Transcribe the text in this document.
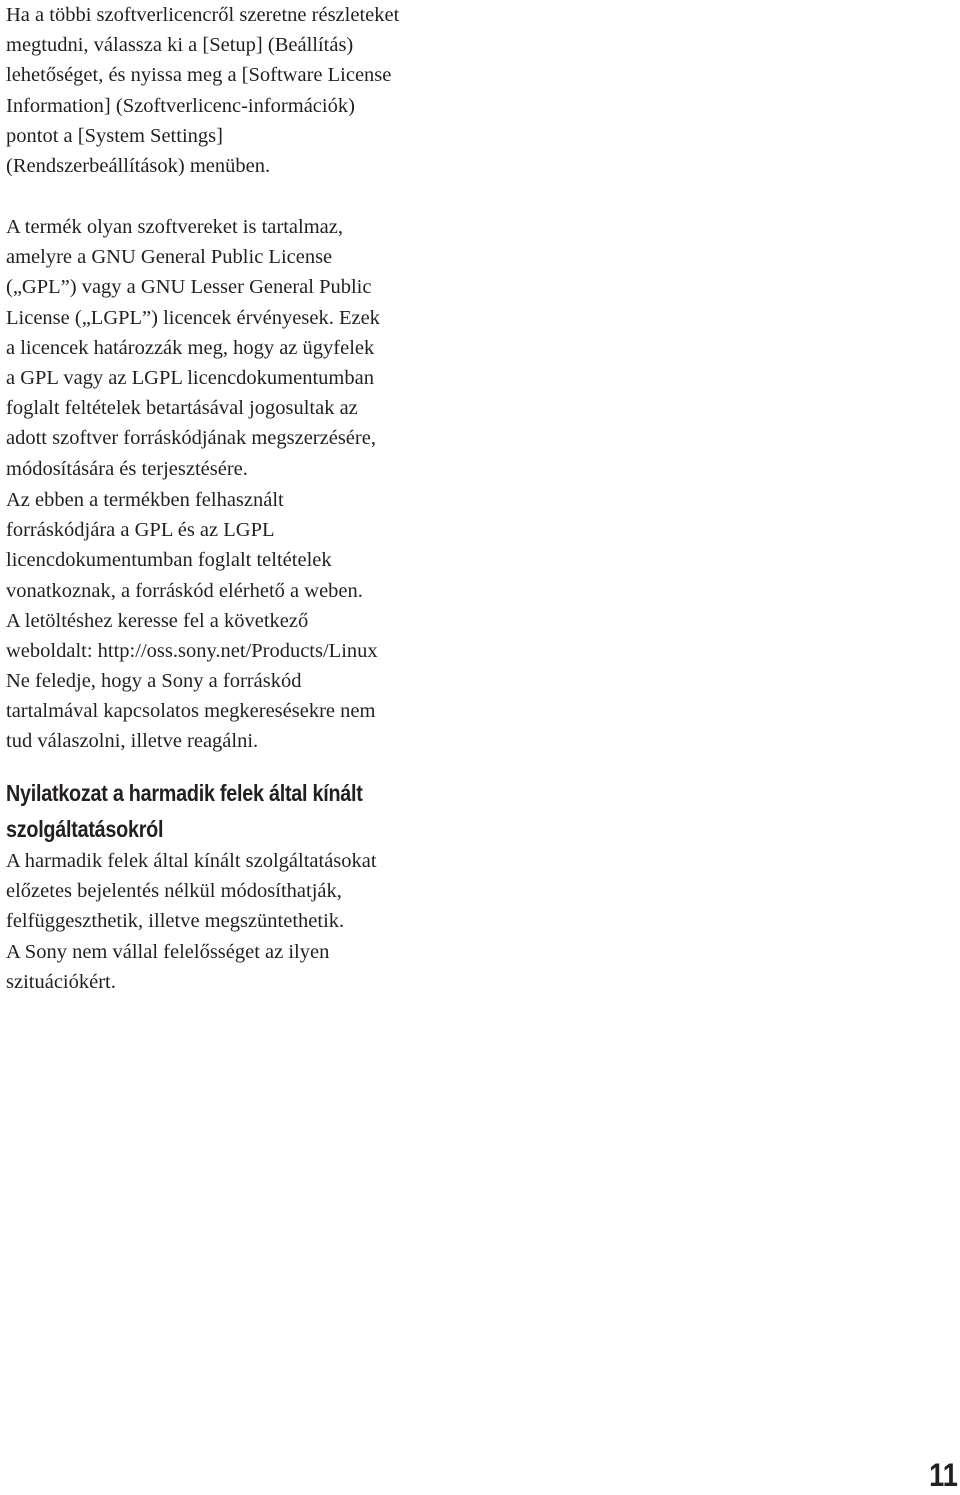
Ha a többi szoftverlicencről szeretne részleteket
megtudni, válassza ki a [Setup] (Beállítás)
lehetőséget, és nyissa meg a [Software License
Information] (Szoftverlicenc-információk)
pontot a [System Settings]
(Rendszerbeállítások) menüben.

A termék olyan szoftvereket is tartalmaz,
amelyre a GNU General Public License
(„GPL”) vagy a GNU Lesser General Public
License („LGPL”) licencek érvényesek. Ezek
a licencek határozzák meg, hogy az ügyfelek
a GPL vagy az LGPL licencdokumentumban
foglalt feltételek betartásával jogosultak az
adott szoftver forráskódjának megszerzésére,
módosítására és terjesztésére.

Az ebben a termékben felhasznált
forráskódjára a GPL és az LGPL
licencdokumentumban foglalt teltételek
vonatkoznak, a forráskód elérhető a weben.
A letöltéshez keresse fel a következő
weboldalt: http://oss.sony.net/Products/Linux

Ne feledje, hogy a Sony a forráskód
tartalmával kapcsolatos megkeresésekre nem
tud válaszolni, illetve reagálni.

Nyilatkozat a harmadik felek által kínált
szolgáltatásokról

A harmadik felek által kínált szolgáltatásokat
előzetes bejelentés nélkül módosíthatják,
felfüggeszthetik, illetve megszüntethetik.
A Sony nem vállal felelősséget az ilyen
szituációkért.

11
